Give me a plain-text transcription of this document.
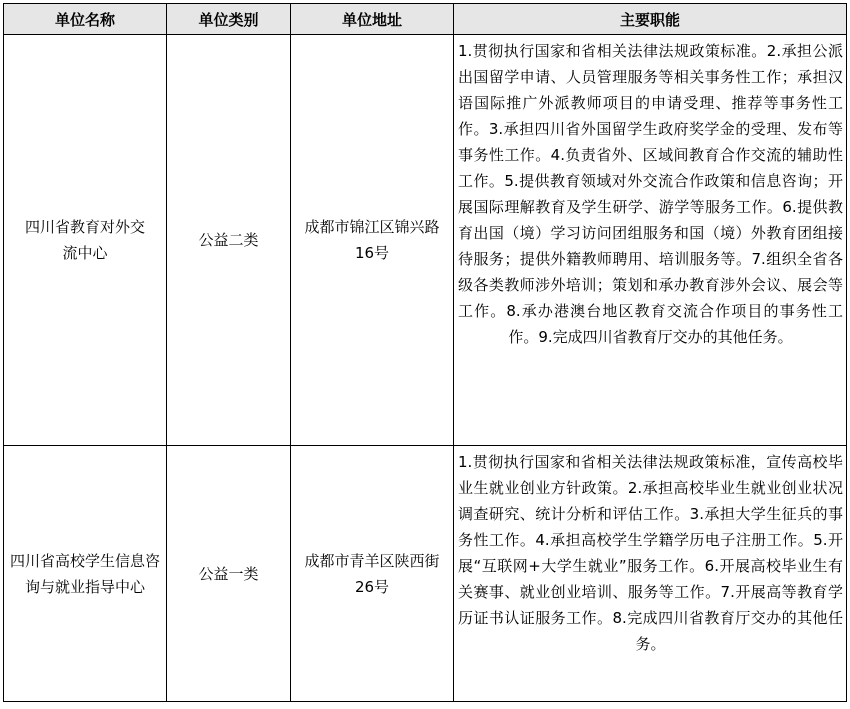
单位名称	单位类别	单位地址	主要职能

四川省教育对外交流中心	公益二类	成都市锦江区锦兴路16号	1.贯彻执行国家和省相关法律法规政策标准。2.承担公派出国留学申请、人员管理服务等相关事务性工作；承担汉语国际推广外派教师项目的申请受理、推荐等事务性工作。3.承担四川省外国留学生政府奖学金的受理、发布等事务性工作。4.负责省外、区域间教育合作交流的辅助性工作。5.提供教育领域对外交流合作政策和信息咨询；开展国际理解教育及学生研学、游学等服务工作。6.提供教育出国（境）学习访问团组服务和国（境）外教育团组接待服务；提供外籍教师聘用、培训服务等。7.组织全省各级各类教师涉外培训；策划和承办教育涉外会议、展会等工作。8.承办港澳台地区教育交流合作项目的事务性工作。9.完成四川省教育厅交办的其他任务。

四川省高校学生信息咨询与就业指导中心	公益一类	成都市青羊区陕西街26号	1.贯彻执行国家和省相关法律法规政策标准，宣传高校毕业生就业创业方针政策。2.承担高校毕业生就业创业状况调查研究、统计分析和评估工作。3.承担大学生征兵的事务性工作。4.承担高校学生学籍学历电子注册工作。5.开展“互联网+大学生就业”服务工作。6.开展高校毕业生有关赛事、就业创业培训、服务等工作。7.开展高等教育学历证书认证服务工作。8.完成四川省教育厅交办的其他任务。
